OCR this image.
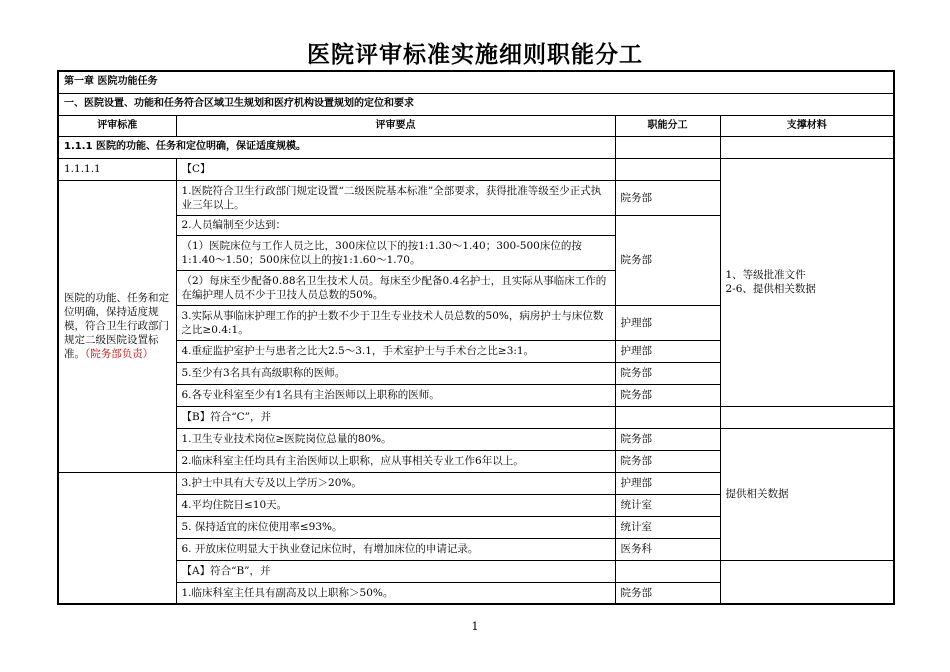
医院评审标准实施细则职能分工
第一章 医院功能任务			
一、医院设置、功能和任务符合区域卫生规划和医疗机构设置规划的定位和要求			
评审标准	评审要点	职能分工	支撑材料
1.1.1 医院的功能、任务和定位明确，保证适度规模。			
1.1.1.1	【C】		1、等级批准文件
2-6、提供相关数据

医院的功能、任务和定位明确，保持适度规模，符合卫生行政部门规定二级医院设置标准。（院务部负责）	1.医院符合卫生行政部门规定设置“二级医院基本标准”全部要求，获得批准等级至少正式执业三年以上。	院务部	
	2.人员编制至少达到：	院务部	
	（1）医院床位与工作人员之比，300床位以下的按1:1.30～1.40；300-500床位的按1:1.40～1.50；500床位以上的按1:1.60～1.70。		
	（2）每床至少配备0.88名卫生技术人员。每床至少配备0.4名护士，且实际从事临床工作的在编护理人员不少于卫技人员总数的50%。		
	3.实际从事临床护理工作的护士数不少于卫生专业技术人员总数的50%，病房护士与床位数之比≥0.4:1。	护理部	
	4.重症监护室护士与患者之比大2.5～3.1，手术室护士与手术台之比≥3:1。	护理部	
	5.至少有3名具有高级职称的医师。	院务部	
	6.各专业科室至少有1名具有主治医师以上职称的医师。	院务部	
	【B】符合“C”，并		
	1.卫生专业技术岗位≥医院岗位总量的80%。	院务部	提供相关数据
	2.临床科室主任均具有主治医师以上职称，应从事相关专业工作6年以上。	院务部	
	3.护士中具有大专及以上学历＞20%。	护理部	
	4.平均住院日≤10天。	统计室	
	5. 保持适宜的床位使用率≤93%。	统计室	
	6. 开放床位明显大于执业登记床位时，有增加床位的申请记录。	医务科	
	【A】符合“B”，并		
	1.临床科室主任具有副高及以上职称＞50%。	院务部	
1
